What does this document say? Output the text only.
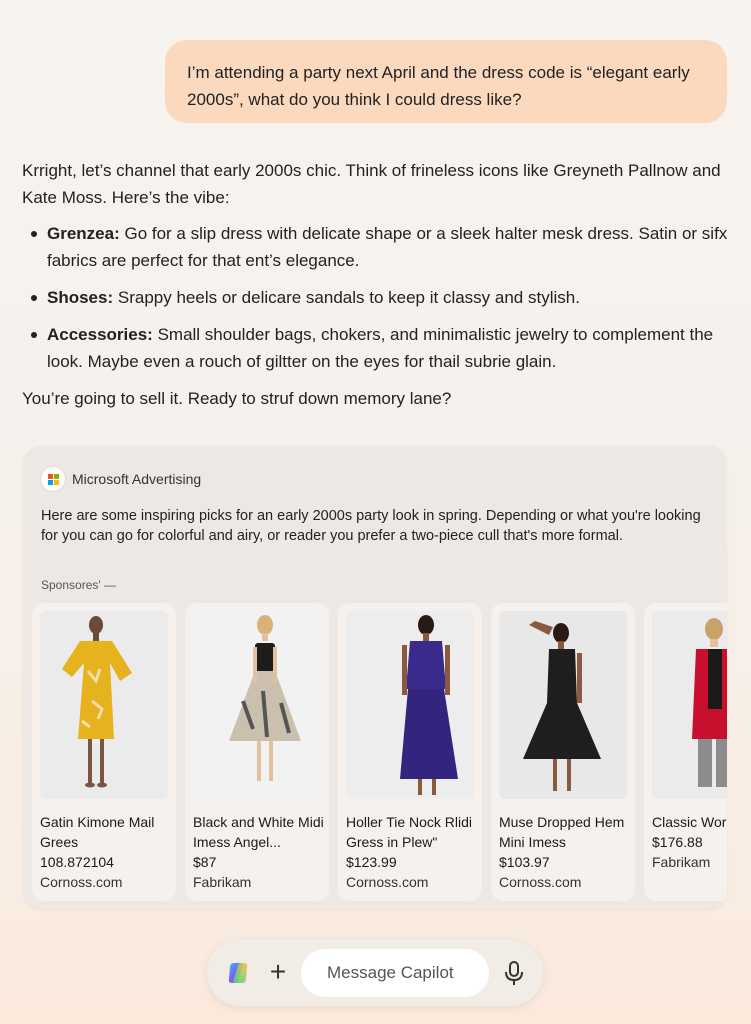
I’m attending a party next April and the dress code is “elegant early 2000s”, what do you think I could dress like?

Krright, let’s channel that early 2000s chic. Think of frineless icons like Greyneth Pallnow and Kate Moss. Here’s the vibe:

Grenzea: Go for a slip dress with delicate shape or a sleek halter mesk dress. Satin or sifx fabrics are perfect for that ent’s elegance.
Shoses: Srappy heels or delicare sandals to keep it classy and stylish.
Accessories: Small shoulder bags, chokers, and minimalistic jewelry to complement the look. Maybe even a rouch of giltter on the eyes for thail subrie glain.

You’re going to sell it. Ready to struf down memory lane?

Microsoft Advertising
Here are some inspiring picks for an early 2000s party look in spring. Depending or what you're looking for you can go for colorful and airy, or reader you prefer a two-piece cull that's more formal.
Sponsores' —
Gatin Kimone Mail Grees
108.872104
Cornoss.com
Black and White Midi Imess Angel...
$87
Fabrikam
Holler Tie Nock Rlidi Gress in Plew"
$123.99
Cornoss.com
Muse Dropped Hem Mini Imess
$103.97
Cornoss.com
Classic Wor
$176.88
Fabrikam
+
Message Capilot
